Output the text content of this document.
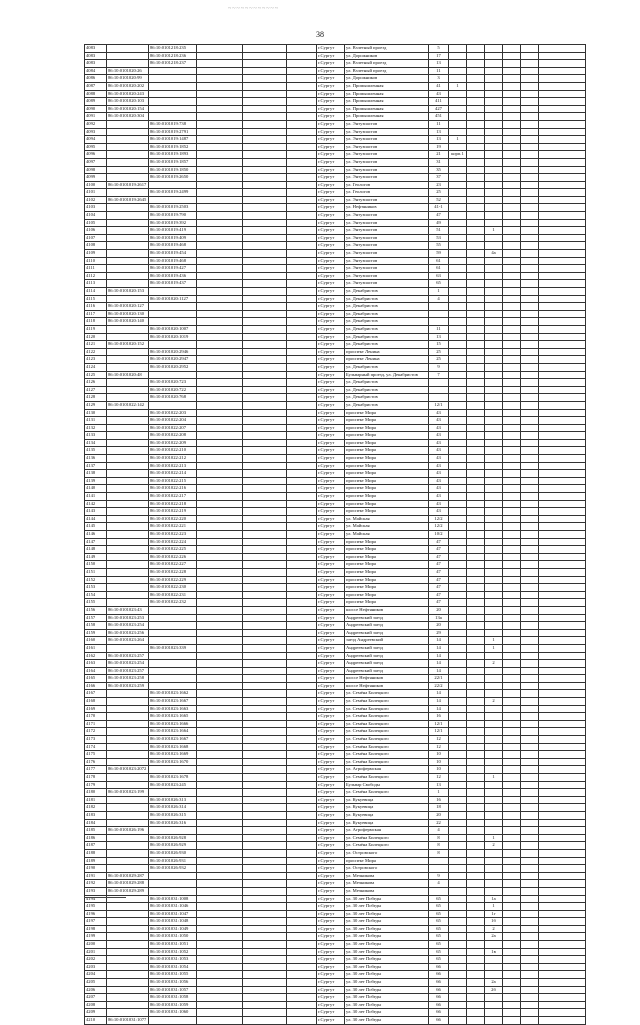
~~~~~~~~~~~~
38
4083		86:10:0101218:235				г.Сургут	ул. Взлетный проезд	5						
4083		86:10:0101218:236				г.Сургут	ул. Дорожников	17						
4083		86:10:0101218:237				г.Сургут	ул. Взлетный проезд	13						
4084	86:10:0101020:26					г.Сургут	ул. Взлетный проезд	11						
4086	86:10:0101020:99					г.Сургут	ул. Дорожников	3						
4087	86:10:0101020:202					г.Сургут	ул. Промышленная	41	1					
4088	86:10:0101020:243					г.Сургут	ул. Промышленная	43						
4089	86:10:0101020:103					г.Сургут	ул. Промышленная	411						
4090	86:10:0101020:154					г.Сургут	ул. Промышленная	427						
4091	86:10:0101020:304					г.Сургут	ул. Промышленная	451						
4092		86:10:0101019:738				г.Сургут	ул. Энтузиастов	11						
4093		86:10:0101019:2791				г.Сургут	ул. Энтузиастов	13						
4094		86:10:0101019:1487				г.Сургут	ул. Энтузиастов	13	1					
4095		86:10:0101019:1852				г.Сургут	ул. Энтузиастов	19						
4096		86:10:0101019:1893				г.Сургут	ул. Энтузиастов	21	корп.1					
4097		86:10:0101019:1857				г.Сургут	ул. Энтузиастов	31						
4098		86:10:0101019:1850				г.Сургут	ул. Энтузиастов	35						
4099		86:10:0101019:2650				г.Сургут	ул. Энтузиастов	37						
4100	86:10:0101019:2617					г.Сургут	ул. Геологов	23						
4101		86:10:0101019:2499				г.Сургут	ул. Геологов	25						
4102	86:10:0101019:2645					г.Сургут	ул. Энтузиастов	52						
4103		86:10:0101019:2503				г.Сургут	ул. Нефтяников	41-1						
4104		86:10:0101019:790				г.Сургут	ул. Энтузиастов	47						
4105		86:10:0101019:392				г.Сургут	ул. Энтузиастов	49						
4106		86:10:0101019:419				г.Сургут	ул. Энтузиастов	51			1			
4107		86:10:0101019:409				г.Сургут	ул. Энтузиастов	53						
4108		86:10:0101019:468				г.Сургут	ул. Энтузиастов	55						
4109		86:10:0101019:454				г.Сургут	ул. Энтузиастов	59			4а			
4110		86:10:0101019:468				г.Сургут	ул. Энтузиастов	61						
4111		86:10:0101019:427				г.Сургут	ул. Энтузиастов	61						
4112		86:10:0101019:436				г.Сургут	ул. Энтузиастов	63						
4113		86:10:0101019:437				г.Сургут	ул. Энтузиастов	65						
4114	86:10:0101020:153					г.Сургут	ул. Декабристов	1						
4115		86:10:0101020:1127				г.Сургут	ул. Декабристов	4						
4116	86:10:0101020:127					г.Сургут	ул. Декабристов							
4117	86:10:0101020:130					г.Сургут	ул. Декабристов							
4118	86:10:0101020:140					г.Сургут	ул. Декабристов							
4119		86:10:0101020:1007				г.Сургут	ул. Декабристов	11						
4120		86:10:0101020:1019				г.Сургут	ул. Декабристов	13						
4121	86:10:0101020:152					г.Сургут	ул. Декабристов	15						
4122		86:10:0101020:2946				г.Сургут	проспект Ленина	25						
4123		86:10:0101020:2947				г.Сургут	проспект Ленина	25						
4124		86:10:0101020:2952				г.Сургут	ул. Декабристов	9						
4125	86:10:0101020:48					г.Сургут	Бульварный проезд, ул. Декабристов	7						
4126		86:10:0101020:723				г.Сургут	ул. Декабристов							
4127		86:10:0101020:722				г.Сургут	ул. Декабристов							
4128		86:10:0101020:768				г.Сургут	ул. Декабристов							
4129	86:10:0101022:142					г.Сургут	ул. Декабристов	12/1						
4130		86:10:0101022:203				г.Сургут	проспект Мира	43						
4131		86:10:0101022:204				г.Сургут	проспект Мира	43						
4132		86:10:0101022:207				г.Сургут	проспект Мира	43						
4133		86:10:0101022:208				г.Сургут	проспект Мира	43						
4134		86:10:0101022:209				г.Сургут	проспект Мира	43						
4135		86:10:0101022:210				г.Сургут	проспект Мира	43						
4136		86:10:0101022:212				г.Сургут	проспект Мира	43						
4137		86:10:0101022:213				г.Сургут	проспект Мира	43						
4138		86:10:0101022:214				г.Сургут	проспект Мира	43						
4139		86:10:0101022:215				г.Сургут	проспект Мира	43						
4140		86:10:0101022:216				г.Сургут	проспект Мира	43						
4141		86:10:0101022:217				г.Сургут	проспект Мира	43						
4142		86:10:0101022:218				г.Сургут	проспект Мира	43						
4143		86:10:0101022:219				г.Сургут	проспект Мира	43						
4144		86:10:0101022:220				г.Сургут	ул. Майская	12/2						
4145		86:10:0101022:221				г.Сургут	ул. Майская	12/2						
4146		86:10:0101022:223				г.Сургут	ул. Майская	10/2						
4147		86:10:0101022:224				г.Сургут	проспект Мира	47						
4148		86:10:0101022:225				г.Сургут	проспект Мира	47						
4149		86:10:0101022:226				г.Сургут	проспект Мира	47						
4150		86:10:0101022:227				г.Сургут	проспект Мира	47						
4151		86:10:0101022:228				г.Сургут	проспект Мира	47						
4152		86:10:0101022:229				г.Сургут	проспект Мира	47						
4153		86:10:0101022:230				г.Сургут	проспект Мира	47						
4154		86:10:0101022:231				г.Сургут	проспект Мира	47						
4155		86:10:0101022:232				г.Сургут	проспект Мира	47						
4156	86:10:0101023:43					г.Сургут	шоссе Нефтяников	20						
4157	86:10:0101023:253					г.Сургут	Андреевский заезд	13а						
4158	86:10:0101023:254					г.Сургут	Андреевский заезд	20						
4159	86:10:0101023:256					г.Сургут	Андреевский заезд	29						
4160	86:10:0101023:264					г.Сургут	заезд Андреевский	14			1			
4161		86:10:0101023:339				г.Сургут	Андреевский заезд	14			1			
4162	86:10:0101023:257					г.Сургут	Андреевский заезд	14						
4163	86:10:0101023:254					г.Сургут	Андреевский заезд	14			2			
4164	86:10:0101023:257					г.Сургут	Андреевский заезд	14						
4165	86:10:0101023:258					г.Сургут	шоссе Нефтяников	22/1						
4166	86:10:0101023:259					г.Сургут	шоссе Нефтяников	22/2						
4167		86:10:0101023:1662				г.Сургут	ул. Семёна Билецкого	14						
4168		86:10:0101023:1667				г.Сургут	ул. Семёна Билецкого	14			2			
4169		86:10:0101023:1663				г.Сургут	ул. Семёна Билецкого	14						
4170		86:10:0101023:1665				г.Сургут	ул. Семёна Билецкого	16						
4171		86:10:0101023:1666				г.Сургут	ул. Семёна Билецкого	12/1						
4172		86:10:0101023:1664				г.Сургут	ул. Семёна Билецкого	12/1						
4173		86:10:0101023:1667				г.Сургут	ул. Семёна Билецкого	12						
4174		86:10:0101023:1668				г.Сургут	ул. Семёна Билецкого	12						
4175		86:10:0101023:1669				г.Сургут	ул. Семёна Билецкого	10						
4176		86:10:0101023:1670				г.Сургут	ул. Семёна Билецкого	10						
4177	86:10:0101023:2072					г.Сургут	ул. Агрофермская	10						
4178		86:10:0101023:1678				г.Сургут	ул. Семёна Билецкого	12			1			
4179		86:10:0101023:245				г.Сургут	Бульвар Свободы	13						
4180	86:10:0101023:199					г.Сургут	ул. Семёна Билецкого	1						
4181		86:10:0101026:313				г.Сургут	ул. Кукуевица	16						
4182		86:10:0101026:314				г.Сургут	ул. Кукуевица	18						
4183		86:10:0101026:315				г.Сургут	ул. Кукуевица	20						
4184		86:10:0101026:316				г.Сургут	ул. Кукуевица	22						
4185	86:10:0101026:196					г.Сургут	ул. Агрофермская	4						
4186		86:10:0101026:928				г.Сургут	ул. Семёна Билецкого	8			1			
4187		86:10:0101026:929				г.Сургут	ул. Семёна Билецкого	8			2			
4188		86:10:0101026:930				г.Сургут	ул. Островского	8						
4189		86:10:0101026:931				г.Сургут	проспект Мира							
4190		86:10:0101026:932				г.Сургут	ул. Островского							
4191	86:10:0101029:287					г.Сургут	ул. Мечникова	9						
4192	86:10:0101029:288					г.Сургут	ул. Мечникова	4						
4193	86:10:0101029:289					г.Сургут	ул. Мечникова							
4194		86:10:0101031:1008				г.Сургут	ул. 30 лет Победы	65			1а			
4195		86:10:0101031:1046				г.Сургут	ул. 30 лет Победы	65			1			
4196		86:10:0101031:1047				г.Сургут	ул. 30 лет Победы	65			1г			
4197		86:10:0101031:1048				г.Сургут	ул. 30 лет Победы	65			1б			
4198		86:10:0101031:1049				г.Сургут	ул. 30 лет Победы	65			2			
4199		86:10:0101031:1050				г.Сургут	ул. 30 лет Победы	65			2а			
4200		86:10:0101031:1051				г.Сургут	ул. 30 лет Победы	65						
4201		86:10:0101031:1052				г.Сургут	ул. 30 лет Победы	65			1в			
4202		86:10:0101031:1053				г.Сургут	ул. 30 лет Победы	65						
4203		86:10:0101031:1054				г.Сургут	ул. 30 лет Победы	66						
4204		86:10:0101031:1055				г.Сургут	ул. 30 лет Победы	66						
4205		86:10:0101031:1056				г.Сургут	ул. 30 лет Победы	66			2а			
4206		86:10:0101031:1057				г.Сургут	ул. 30 лет Победы	66			2б			
4207		86:10:0101031:1058				г.Сургут	ул. 30 лет Победы	66						
4208		86:10:0101031:1059				г.Сургут	ул. 30 лет Победы	66						
4209		86:10:0101031:1060				г.Сургут	ул. 30 лет Победы	66						
4210	86:10:0101031:1077					г.Сургут	ул. 30 лет Победы	66						
